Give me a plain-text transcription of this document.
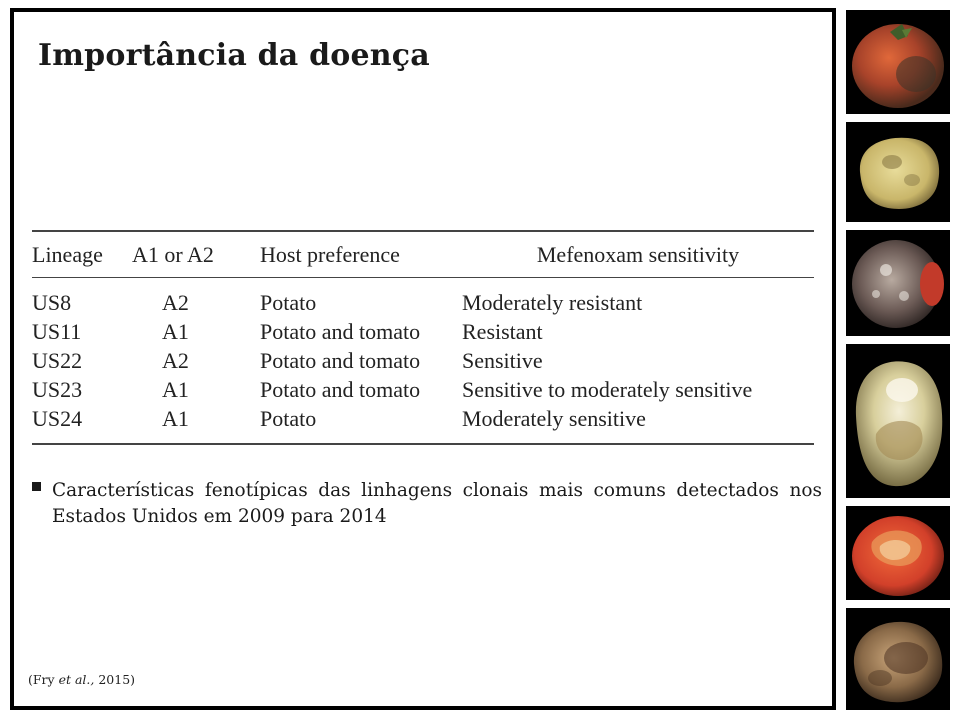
Importância da doença
Lineage	A1 or A2	Host preference	Mefenoxam sensitivity
US8	A2	Potato	Moderately resistant
US11	A1	Potato and tomato	Resistant
US22	A2	Potato and tomato	Sensitive
US23	A1	Potato and tomato	Sensitive to moderately sensitive
US24	A1	Potato	Moderately sensitive
Características fenotípicas das linhagens clonais mais comuns detectados nos Estados Unidos em 2009 para 2014
(Fry et al., 2015)
